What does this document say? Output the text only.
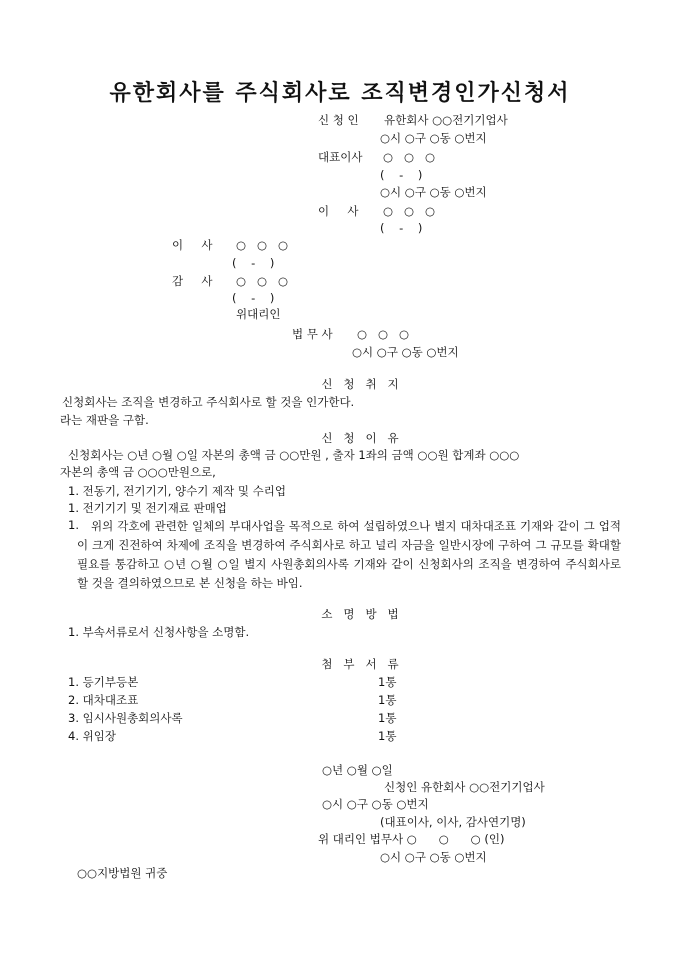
유한회사를 주식회사로 조직변경인가신청서
신 청 인 유한회사 ○○전기기업사
○시 ○구 ○동 ○번지
대표이사 ○   ○   ○
(    -    )
○시 ○구 ○동 ○번지
이     사 ○   ○   ○
(    -    )
이     사 ○   ○   ○
(    -    )
감     사 ○   ○   ○
(    -    )
위대리인
법 무 사 ○   ○   ○
○시 ○구 ○동 ○번지
신   청   취   지
신청회사는 조직을 변경하고 주식회사로 할 것을 인가한다.
라는 재판을 구함.
신   청   이   유
신청회사는 ○년 ○월 ○일 자본의 총액 금 ○○만원 , 출자 1좌의 금액 ○○원 합계좌 ○○○
자본의 총액 금 ○○○만원으로,
1. 전동기, 전기기기, 양수기 제작 및 수리업
1. 전기기기 및 전기재료 판매업
1.	위의 각호에 관련한 일체의 부대사업을 목적으로 하여 설립하였으나 별지 대차대조표 기재와 같이 그 업적이 크게 진전하여 차제에 조직을 변경하여 주식회사로 하고 널리 자금을 일반시장에 구하여 그 규모를 확대할 필요를 통감하고 ○년 ○월 ○일 별지 사원총회의사록 기재와 같이 신청회사의 조직을 변경하여 주식회사로 할 것을 결의하였으므로 본 신청을 하는 바임.
소   명   방   법
1. 부속서류로서 신청사항을 소명함.
첨   부   서   류
1. 등기부등본	1통
2. 대차대조표	1통
3. 임시사원총회의사록	1통
4. 위임장	1통
○년 ○월 ○일
신청인 유한회사 ○○전기기업사
○시 ○구 ○동 ○번지
(대표이사, 이사, 감사연기명)
위 대리인 법무사 ○      ○      ○ (인)
○시 ○구 ○동 ○번지
○○지방법원 귀중
